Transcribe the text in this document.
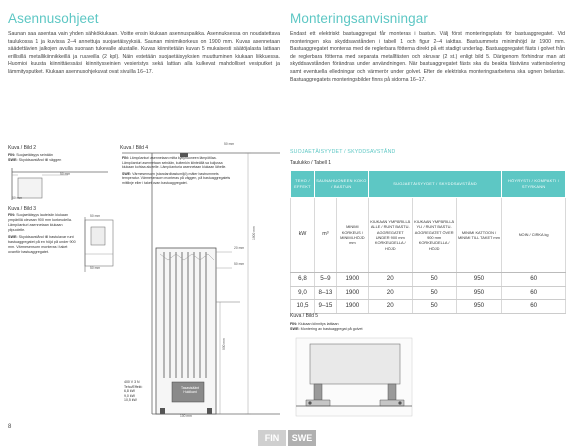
Asennusohjeet
Saunan saa asentaa vain yhden sähkökiukaan. Voitte ensin kiukaan asennuspaikka. Asennuksessa on noudatettava taulukossa 1 ja kuvissa 2–4 annettuja suojaetäisyyksiä. Saunan minimikorkeus on 1900 mm. Kuvas asennetaan säädettävien jalkojen avulla suoraan tukevalle alustalle. Kuvas kiinnitetään kuvan 5 mukaisesti säätöjalasta lattiaan erillisillä metallikiinnikkeillä ja ruuveilla (2 kpl). Näin estetään suojaetäisyyksien muuttuminen kiukaan liikkuessa. Huomioi kuusta kiinnittäessäsi kiinnitysseinien vesieristys sekä lattian alla kulkevat mahdolliset vesiputket ja lämmitysputket. Kiukaan asennusohjekuvat ovat sivuilla 16–17.
Kuva / Bild 2
FIN: Suojaetäisyys seinään
SWE: Skyddsavstånd till väggen
50 mm
50 mm
Kuva / Bild 3
FIN: Suojaetäisyys lauteisiin kiukaan ympärillä olevaan 900 mm korkeudella. Lämpöanturi asennetaan kiukaan ylipuolelle.
SWE: Skyddsavstånd till bastulavar runt bastuaggregatet på en höjd på under 900 mm. Värmesensorn monteras i taket ovanför bastuaggregatet.
50 mm
50 mm
Kuva / Bild 4
FIN: Lämpöanturi asennetaan mitta kyltyhuoneen lämpötilaa. Lämpöanturi asennetaan seinään, kuitenkin kiinteällä sa kuljussa kiukaan kohtaa alueelle. Lämpöanturia asennetaan kiukaan lähelle.
SWE: Värmesensorn (standardbastumiljö) mäter bastrummets temperatur. Värmesensorn monteras på väggen, på bastuaggregatets mittlinje eller i taket ovan bastuaggregatet.
50 mm
1900 mm
20 mm
50 mm
900 mm
100 mm
Tasasisäänt
Huldkant
400 V 3 N
Teho/Effekt:
6,8 kW
9,0 kW
10,5 kW
Monteringsanvisningar
Endast ett elektriskt bastuaggregat får monteras i bastun. Välj först monteringsplats för bastuaggregatet. Vid monteringen ska skyddsavstånden i tabell 1 och figur 2–4 iakttas. Bastuummets minimihöjd är 1900 mm. Bastuaggregatet monteras med de reglerbara fötterna direkt på ett stadigt underlag. Bastuaggregatet fästs i golvet från de reglerbara fötterna med separata metallfästen och skruvar (2 st.) enligt bild 5. Därigenom förhindrar man att skyddsavstånden förändras under användningen. När bastuaggregatet fästs ska du beakta fästväns vattenisolering samt eventuella elledningar och värmerör under golvet. Efter de elektriska monteringsarbetena ska ugnen belastas. Bastuaggregatets monteringsbilder finns på sidorna 16–17.
SUOJAETÄISYYDET / SKYDDSAVSTÅND
Taulukko / Tabell 1
TEHO / EFFEKT	SAUNAHUONEEN KOKO / BASTUN		SUOJAETÄISYYDET / SKYDDSAVSTÅND			HÖYRYSTI / KOMPAKTI / STYRKANN
kW	m³	MINIMI KORKEUS / MINIMI-HÖJD mm	KIUKAAN YMPÄRILLÄ ALLE / RUNT BASTU-AGGREGATET UNDER 900 mm KORKEUDELLA / HÖJD	KIUKAAN YMPÄRILLÄ YLI / RUNT BASTU-AGGREGATET ÖVER 900 mm KORKEUDELLA / HÖJD	MINIMI KATTOON / MINIMI TILL TAKET mm	NOIN / CIRKA kg
6,8	5–9	1900	20	50	950	60
9,0	8–13	1900	20	50	950	60
10,5	9–15	1900	20	50	950	60
Kuva / Bild 5
FIN: Kiukaan kiinnitys lattiaan
SWE: Montering av bastuaggregat på golvet
8
FIN	SWE
